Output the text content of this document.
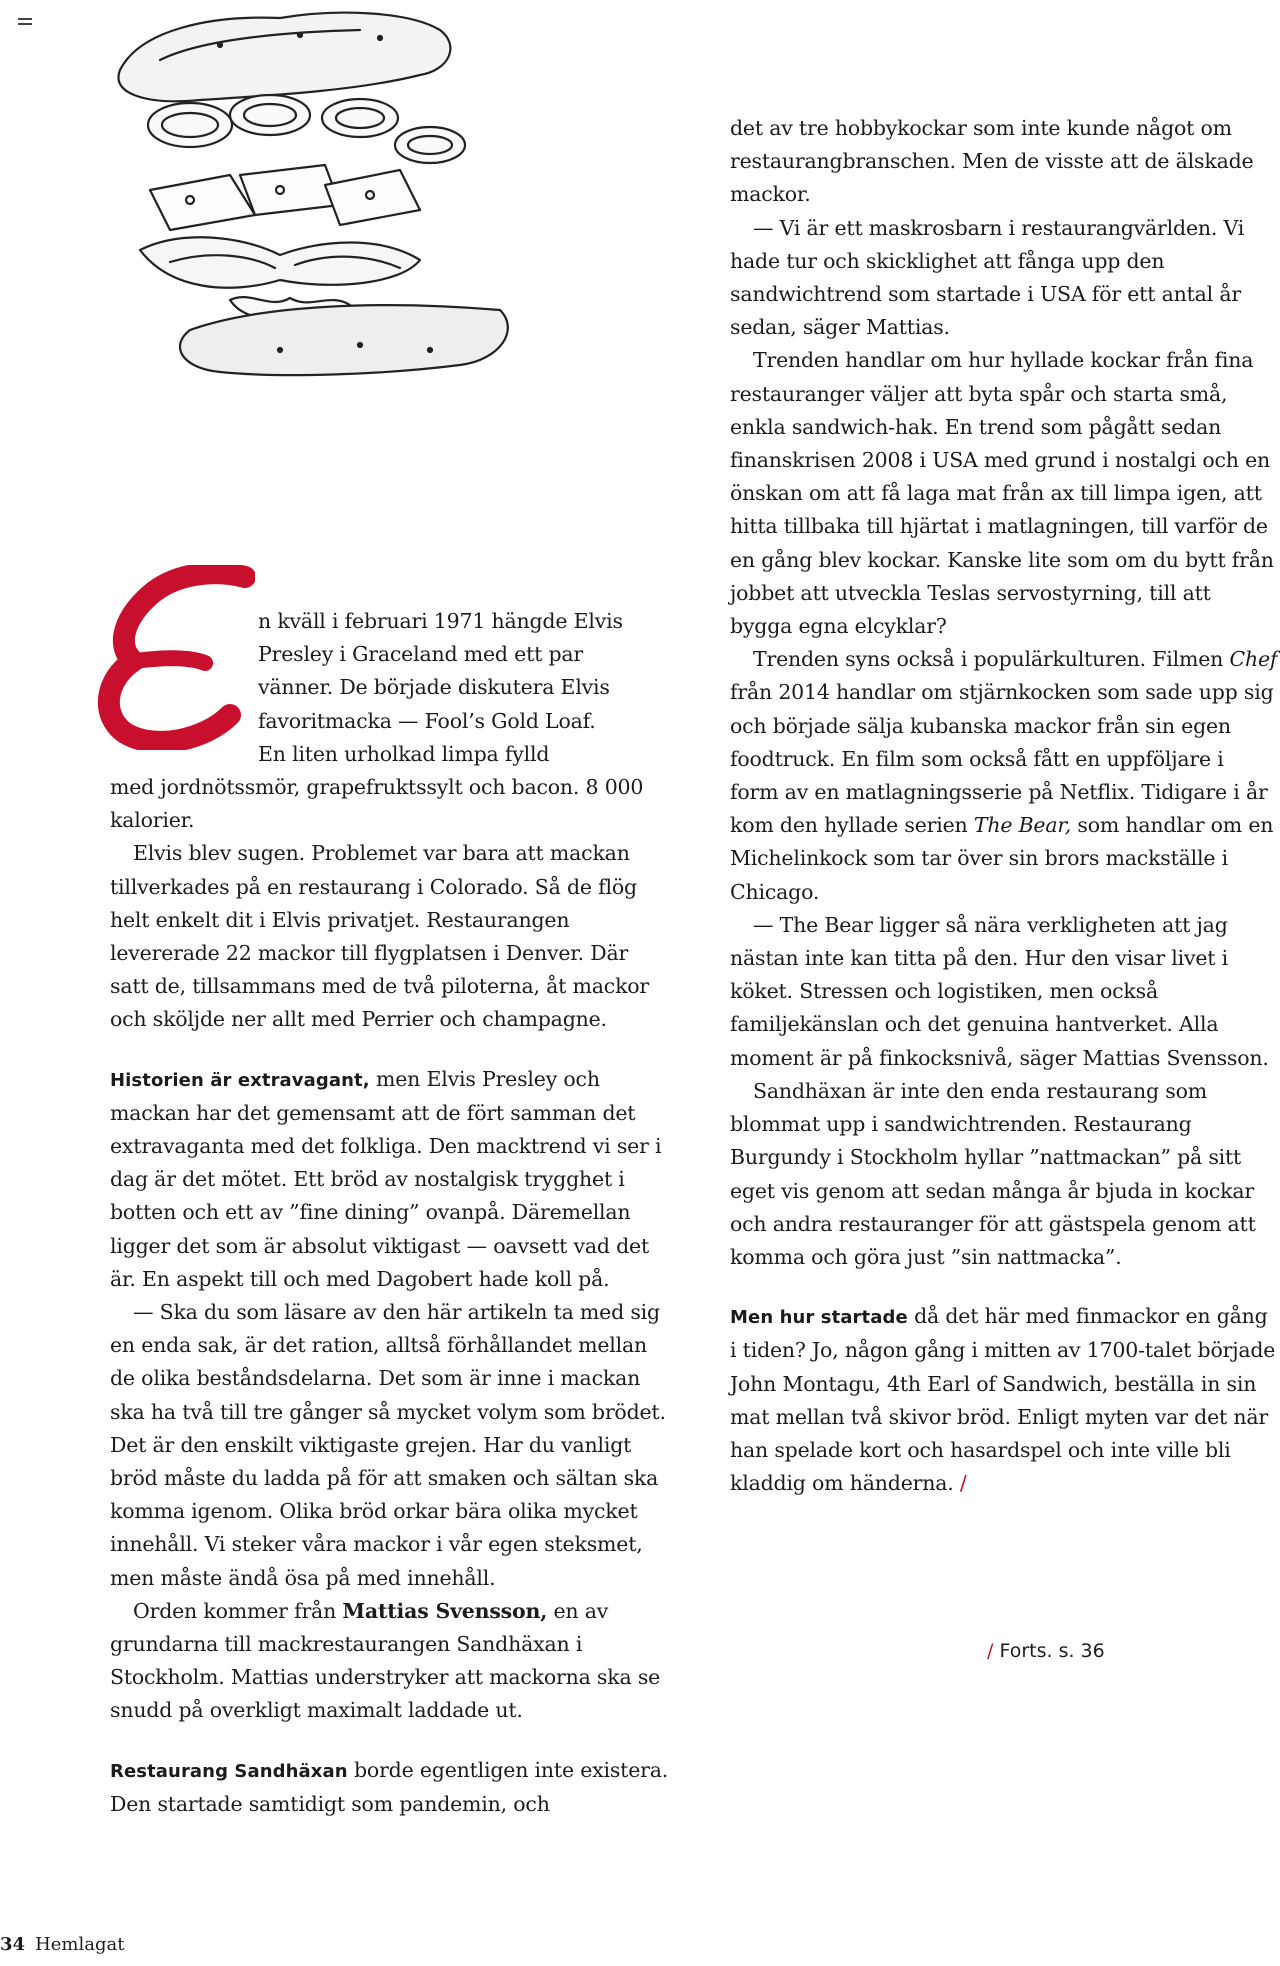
n kväll i februari 1971 hängde Elvis

Presley i Graceland med ett par

vänner. De började diskutera Elvis

favoritmacka — Fool’s Gold Loaf.

En liten urholkad limpa fylld

med jordnötssmör, grapefruktssylt och bacon. 8 000 kalorier.

Elvis blev sugen. Problemet var bara att mackan tillverkades på en restaurang i Colorado. Så de flög helt enkelt dit i Elvis privatjet. Restaurangen levererade 22 mackor till flygplatsen i Denver. Där satt de, tillsammans med de två piloterna, åt mackor och sköljde ner allt med Perrier och champagne.

Historien är extravagant, men Elvis Presley och mackan har det gemensamt att de fört samman det extravaganta med det folkliga. Den macktrend vi ser i dag är det mötet. Ett bröd av nostalgisk trygghet i botten och ett av ”fine dining” ovanpå. Däremellan ligger det som är absolut viktigast — oavsett vad det är. En aspekt till och med Dagobert hade koll på.

— Ska du som läsare av den här artikeln ta med sig en enda sak, är det ration, alltså förhållandet mellan de olika beståndsdelarna. Det som är inne i mackan ska ha två till tre gånger så mycket volym som brödet. Det är den enskilt viktigaste grejen. Har du vanligt bröd måste du ladda på för att smaken och sältan ska komma igenom. Olika bröd orkar bära olika mycket innehåll. Vi steker våra mackor i vår egen steksmet, men måste ändå ösa på med innehåll.

Orden kommer från Mattias Svensson, en av grundarna till mackrestaurangen Sandhäxan i Stockholm. Mattias understryker att mackorna ska se snudd på overkligt maximalt laddade ut.

Restaurang Sandhäxan borde egentligen inte existera. Den startade samtidigt som pandemin, och

det av tre hobbykockar som inte kunde något om restaurangbranschen. Men de visste att de älskade mackor.

— Vi är ett maskrosbarn i restaurangvärlden. Vi hade tur och skicklighet att fånga upp den sandwichtrend som startade i USA för ett antal år sedan, säger Mattias.

Trenden handlar om hur hyllade kockar från fina restauranger väljer att byta spår och starta små, enkla sandwich-hak. En trend som pågått sedan finanskrisen 2008 i USA med grund i nostalgi och en önskan om att få laga mat från ax till limpa igen, att hitta tillbaka till hjärtat i matlagningen, till varför de en gång blev kockar. Kanske lite som om du bytt från jobbet att utveckla Teslas servostyrning, till att bygga egna elcyklar?

Trenden syns också i populärkulturen. Filmen Chef från 2014 handlar om stjärnkocken som sade upp sig och började sälja kubanska mackor från sin egen foodtruck. En film som också fått en uppföljare i form av en matlagningsserie på Netflix. Tidigare i år kom den hyllade serien The Bear, som handlar om en Michelinkock som tar över sin brors mackställe i Chicago.

— The Bear ligger så nära verkligheten att jag nästan inte kan titta på den. Hur den visar livet i köket. Stressen och logistiken, men också familjekänslan och det genuina hantverket. Alla moment är på finkocksnivå, säger Mattias Svensson.

Sandhäxan är inte den enda restaurang som blommat upp i sandwichtrenden. Restaurang Burgundy i Stockholm hyllar ”nattmackan” på sitt eget vis genom att sedan många år bjuda in kockar och andra restauranger för att gästspela genom att komma och göra just ”sin nattmacka”.

Men hur startade då det här med finmackor en gång i tiden? Jo, någon gång i mitten av 1700-talet började John Montagu, 4th Earl of Sandwich, beställa in sin mat mellan två skivor bröd. Enligt myten var det när han spelade kort och hasardspel och inte ville bli kladdig om händerna. /

/ Forts. s. 36
34 Hemlagat
